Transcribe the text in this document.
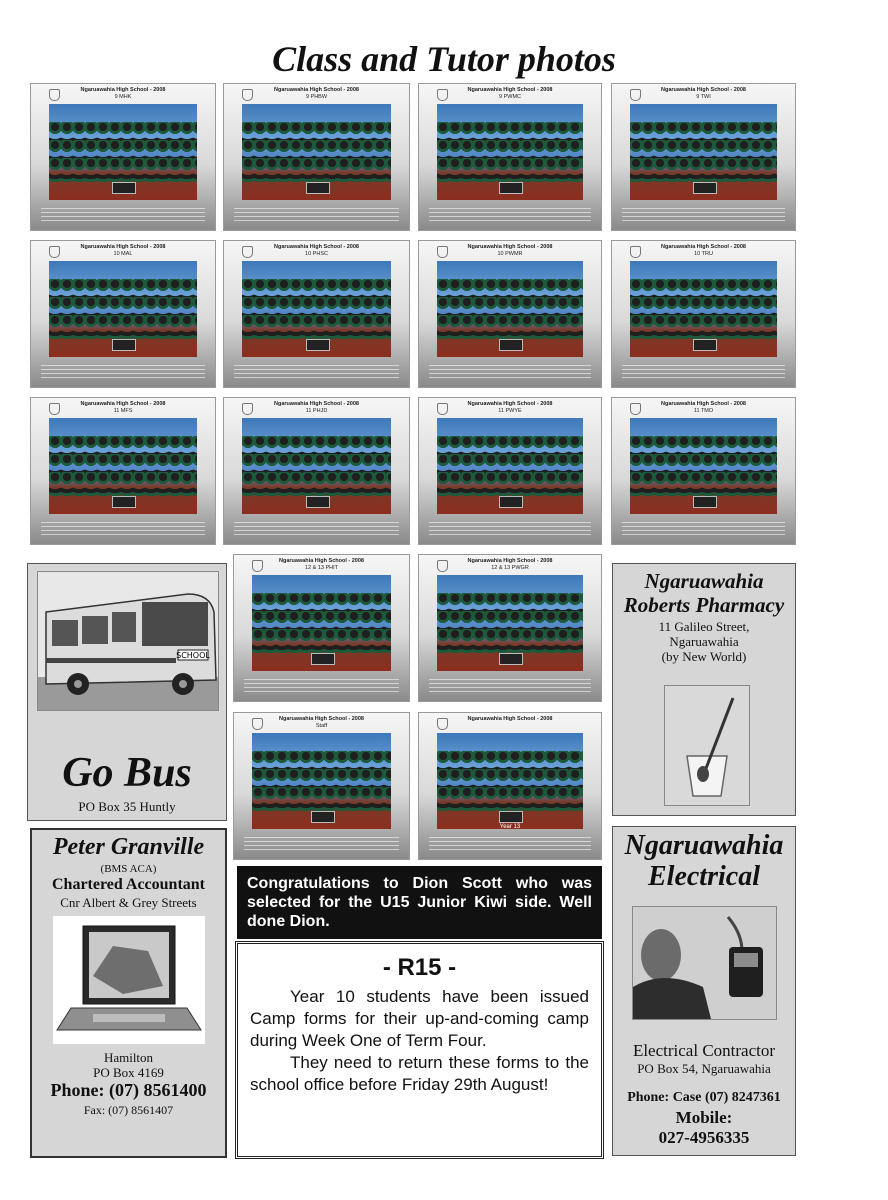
Class and Tutor photos
Ngaruawahia High School - 2008
9 MHK
Ngaruawahia High School - 2008
9 PHBW
Ngaruawahia High School - 2008
9 PWMC
Ngaruawahia High School - 2008
9 TWI
Ngaruawahia High School - 2008
10 MAL
Ngaruawahia High School - 2008
10 PHSC
Ngaruawahia High School - 2008
10 PWMR
Ngaruawahia High School - 2008
10 TRU
Ngaruawahia High School - 2008
11 MFS
Ngaruawahia High School - 2008
11 PHJD
Ngaruawahia High School - 2008
11 PWYE
Ngaruawahia High School - 2008
11 TMO
Ngaruawahia High School - 2008
12 & 13 PHIT
Ngaruawahia High School - 2008
12 & 13 PWGR
Ngaruawahia High School - 2008
Staff
Ngaruawahia High School - 2008
Year 13
SCHOOL
Go Bus
PO Box 35 Huntly
Ngaruawahia
Roberts Pharmacy
11 Galileo Street,
Ngaruawahia
(by New World)
Peter Granville
(BMS ACA)
Chartered Accountant
Cnr Albert & Grey Streets
Hamilton
PO Box 4169
Phone: (07) 8561400
Fax: (07) 8561407
Congratulations to Dion Scott who was selected for the U15 Junior Kiwi side. Well done Dion.
- R15 -
Year 10 students have been issued Camp forms for their up-and-coming camp during Week One of Term Four.
They need to return these forms to the school office before Friday 29th August!
Ngaruawahia
Electrical
Electrical Contractor
PO Box 54, Ngaruawahia
Phone: Case (07) 8247361
Mobile:
027-4956335
